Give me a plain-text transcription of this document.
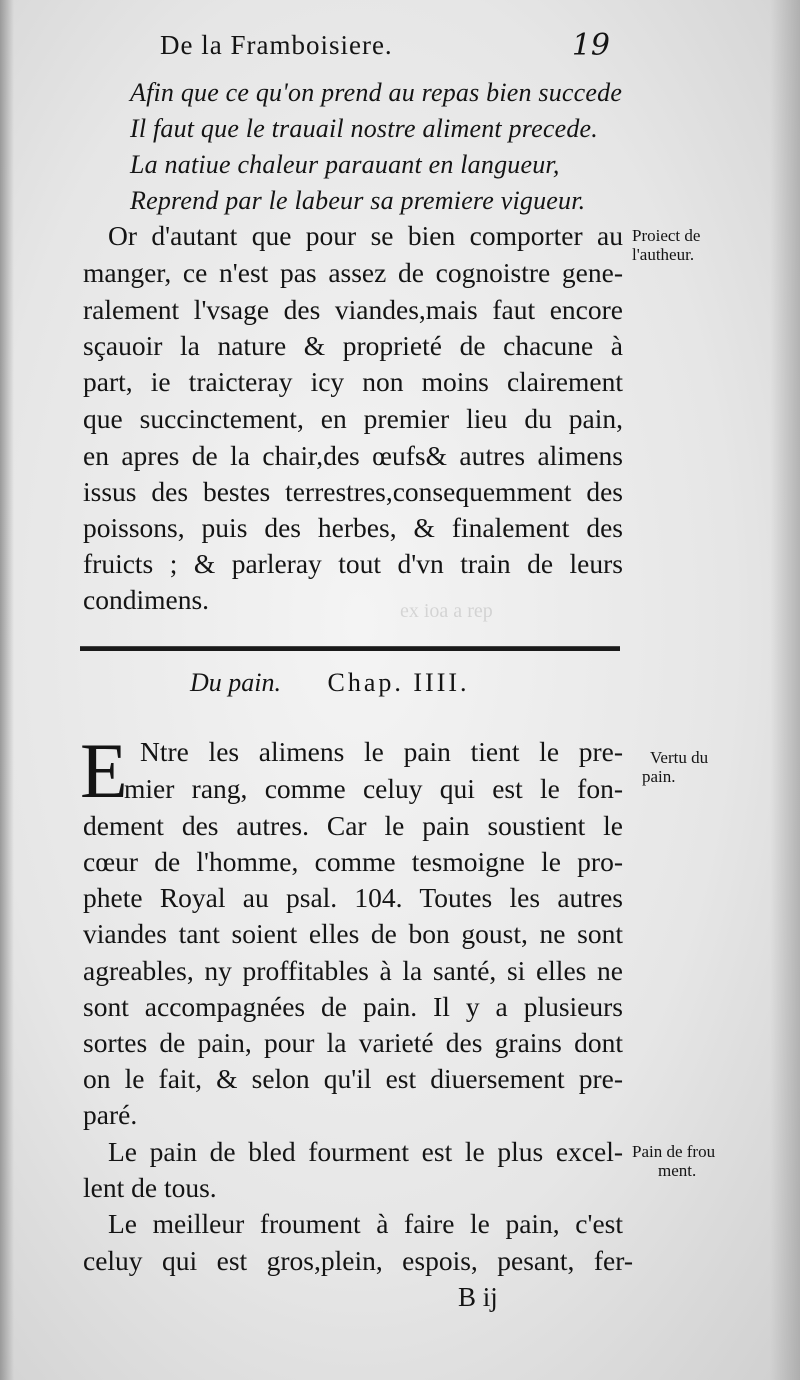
De la Framboisiere.	19
Afin que ce qu'on prend au repas bien succede
Il faut que le trauail nostre aliment precede.
La natiue chaleur parauant en langueur,
Reprend par le labeur sa premiere vigueur.
Or d'autant que pour se bien comporter au
manger, ce n'est pas assez de cognoistre gene-
ralement l'vsage des viandes,mais faut encore
sçauoir la nature & proprieté de chacune à
part, ie traicteray icy non moins clairement
que succinctement, en premier lieu du pain,
en apres de la chair,des œufs& autres alimens
issus des bestes terrestres,consequemment des
poissons, puis des herbes, & finalement des
fruicts ; & parleray tout d'vn train de leurs
condimens.
Proiect de
l'autheur.
ex ioa a rep
Du pain. Chap. IIII.
E Ntre les alimens le pain tient le pre-
mier rang, comme celuy qui est le fon-
dement des autres. Car le pain soustient le
cœur de l'homme, comme tesmoigne le pro-
phete Royal au psal. 104. Toutes les autres
viandes tant soient elles de bon goust, ne sont
agreables, ny proffitables à la santé, si elles ne
sont accompagnées de pain. Il y a plusieurs
sortes de pain, pour la varieté des grains dont
on le fait, & selon qu'il est diuersement pre-
paré.
Vertu du
pain.
Le pain de bled fourment est le plus excel-
lent de tous.
Pain de frou
ment.
Le meilleur froument à faire le pain, c'est
celuy qui est gros,plein, espois, pesant, fer-
B ij
